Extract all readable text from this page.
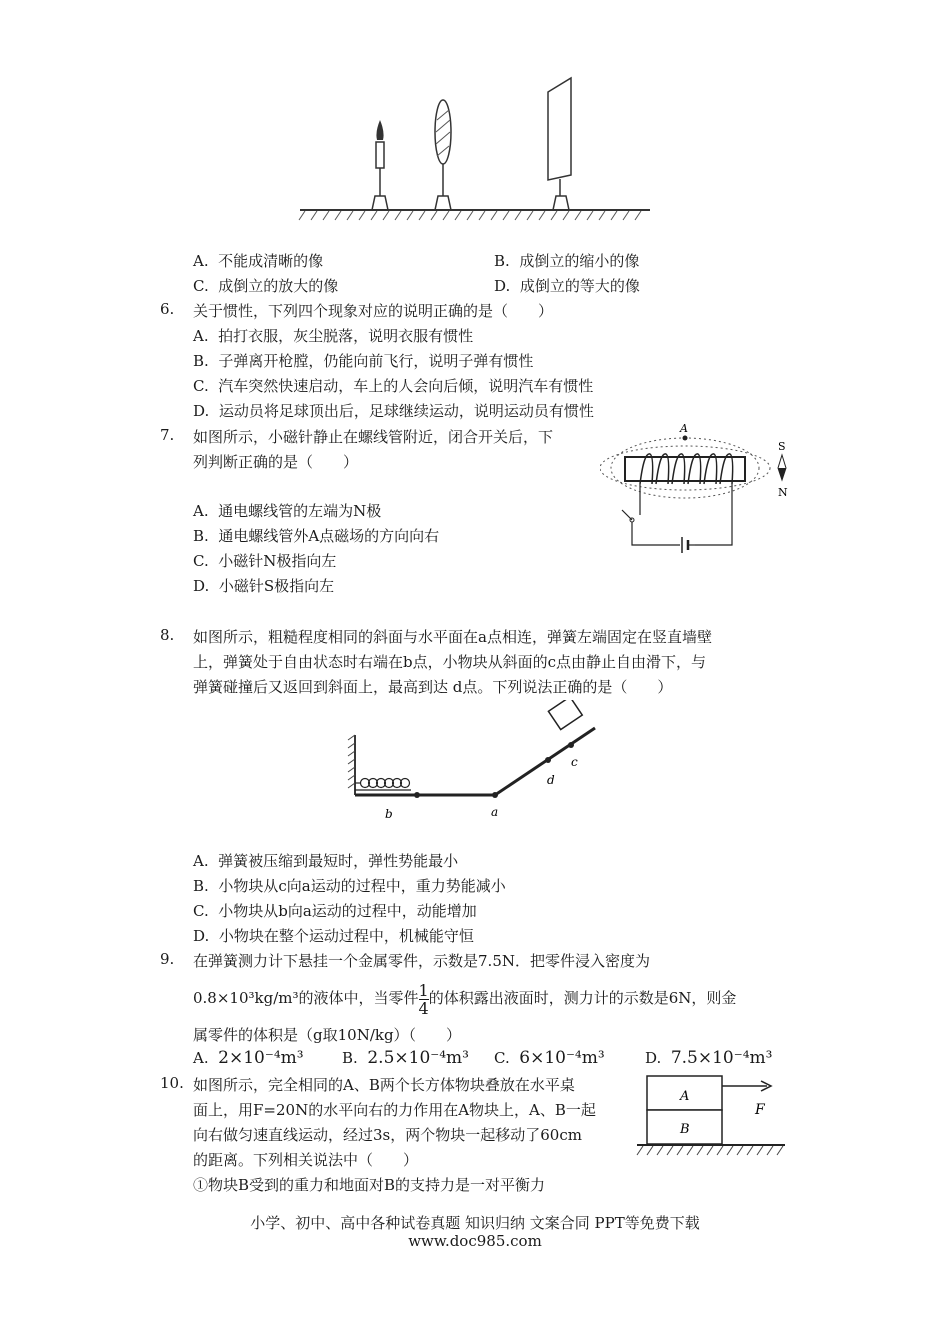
A. 不能成清晰的像	B. 成倒立的缩小的像
C. 成倒立的放大的像	D. 成倒立的等大的像
6. 关于惯性，下列四个现象对应的说明正确的是（　　）
A. 拍打衣服，灰尘脱落，说明衣服有惯性
B. 子弹离开枪膛，仍能向前飞行，说明子弹有惯性
C. 汽车突然快速启动，车上的人会向后倾，说明汽车有惯性
D. 运动员将足球顶出后，足球继续运动，说明运动员有惯性
7. 如图所示，小磁针静止在螺线管附近，闭合开关后，下
列判断正确的是（　　）
A. 通电螺线管的左端为N极
B. 通电螺线管外A点磁场的方向向右
C. 小磁针N极指向左
D. 小磁针S极指向左
A
S
N
8. 如图所示，粗糙程度相同的斜面与水平面在a点相连，弹簧左端固定在竖直墙壁
上，弹簧处于自由状态时右端在b点，小物块从斜面的c点由静止自由滑下，与
弹簧碰撞后又返回到斜面上，最高到达 d点。下列说法正确的是（　　）
b	a
d
c
A. 弹簧被压缩到最短时，弹性势能最小
B. 小物块从c向a运动的过程中，重力势能减小
C. 小物块从b向a运动的过程中，动能增加
D. 小物块在整个运动过程中，机械能守恒
9. 在弹簧测力计下悬挂一个金属零件，示数是7.5N．把零件浸入密度为
0.8×10³kg/m³的液体中，当零件 $\frac{1}{4}$ 的体积露出液面时，测力计的示数是6N，则金
属零件的体积是（g取10N/kg）（　　）
A. 2×10⁻⁴m³	B. 2.5×10⁻⁴m³ C. 6×10⁻⁴m³	D. 7.5×10⁻⁴m³
10. 如图所示，完全相同的A、B两个长方体物块叠放在水平桌
面上，用F=20N的水平向右的力作用在A物块上，A、B一起
向右做匀速直线运动，经过3s，两个物块一起移动了60cm
的距离。下列相关说法中（　　）
①物块B受到的重力和地面对B的支持力是一对平衡力
A
B
F
小学、初中、高中各种试卷真题 知识归纳 文案合同 PPT等免费下载
www.doc985.com
